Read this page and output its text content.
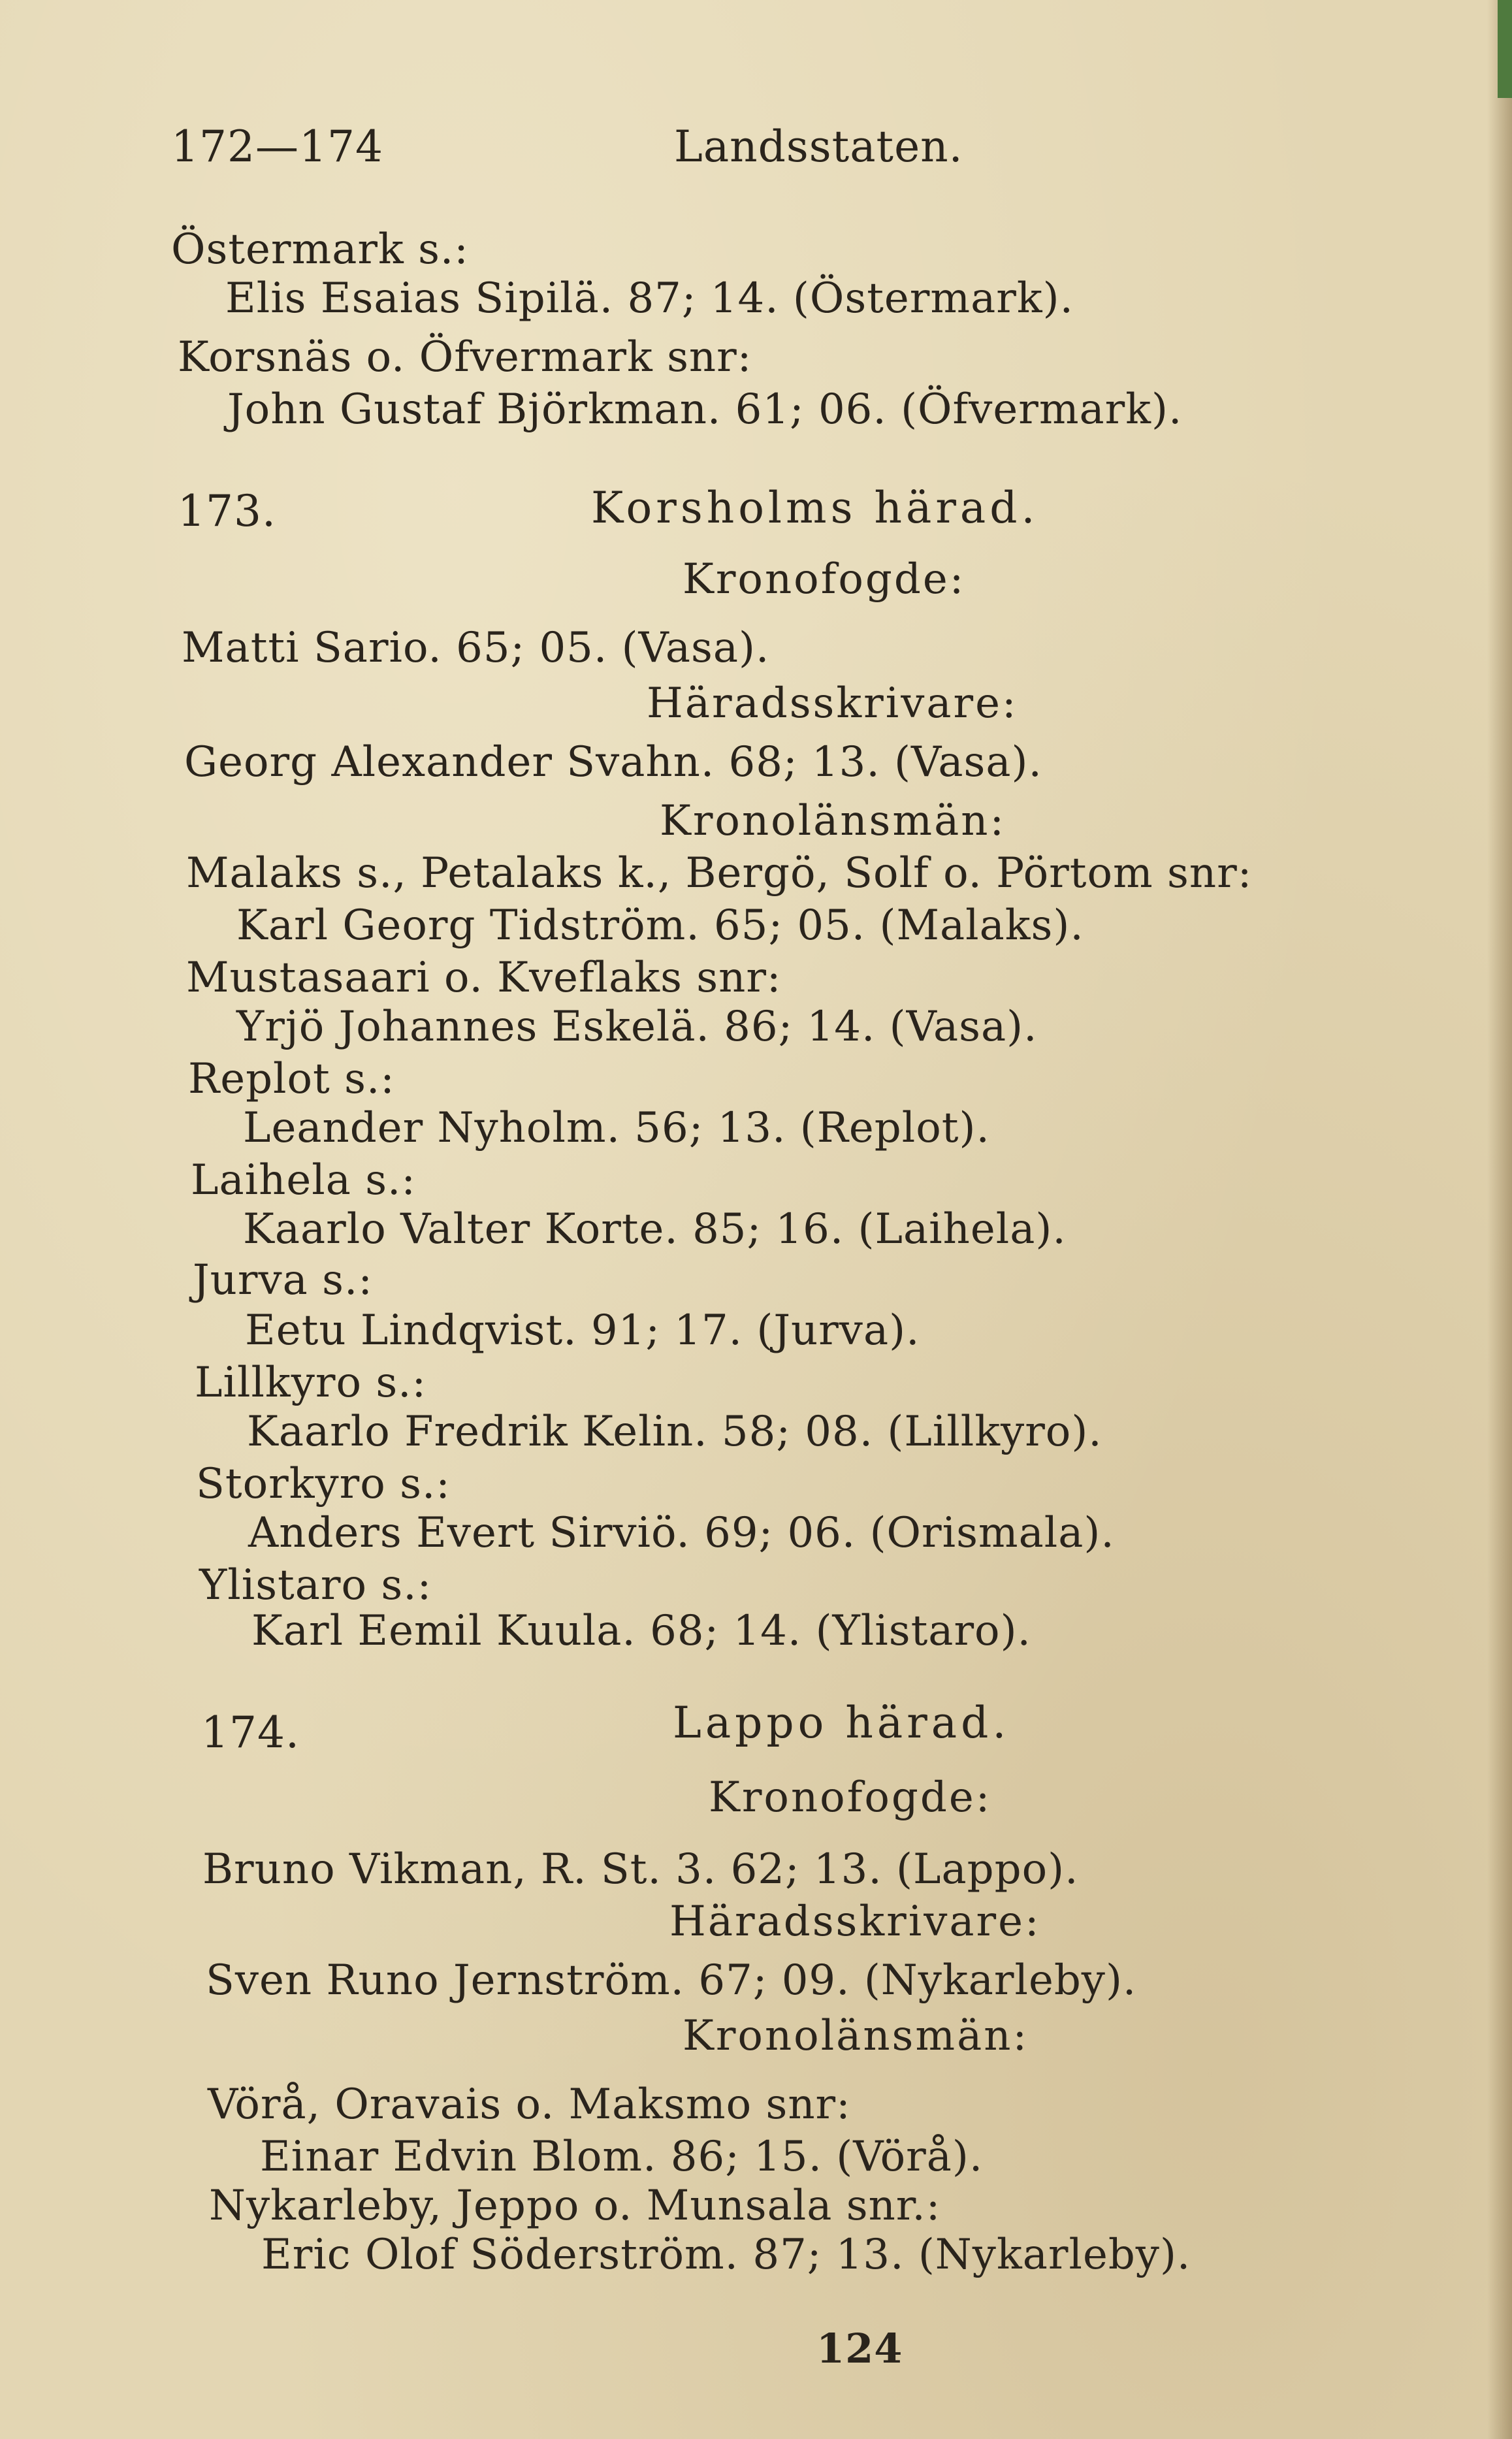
172—174	Landsstaten.
Östermark s.:
Elis Esaias Sipilä. 87; 14. (Östermark).
Korsnäs o. Öfvermark snr:
John Gustaf Björkman. 61; 06. (Öfvermark).
173.	Korsholms härad.
Kronofogde:
Matti Sario. 65; 05. (Vasa).
Häradsskrivare:
Georg Alexander Svahn. 68; 13. (Vasa).
Kronolänsmän:
Malaks s., Petalaks k., Bergö, Solf o. Pörtom snr:
Karl Georg Tidström. 65; 05. (Malaks).
Mustasaari o. Kveflaks snr:
Yrjö Johannes Eskelä. 86; 14. (Vasa).
Replot s.:
Leander Nyholm. 56; 13. (Replot).
Laihela s.:
Kaarlo Valter Korte. 85; 16. (Laihela).
Jurva s.:
Eetu Lindqvist. 91; 17. (Jurva).
Lillkyro s.:
Kaarlo Fredrik Kelin. 58; 08. (Lillkyro).
Storkyro s.:
Anders Evert Sirviö. 69; 06. (Orismala).
Ylistaro s.:
Karl Eemil Kuula. 68; 14. (Ylistaro).
174.	Lappo härad.
Kronofogde:
Bruno Vikman, R. St. 3. 62; 13. (Lappo).
Häradsskrivare:
Sven Runo Jernström. 67; 09. (Nykarleby).
Kronolänsmän:
Vörå, Oravais o. Maksmo snr:
Einar Edvin Blom. 86; 15. (Vörå).
Nykarleby, Jeppo o. Munsala snr.:
Eric Olof Söderström. 87; 13. (Nykarleby).
124
